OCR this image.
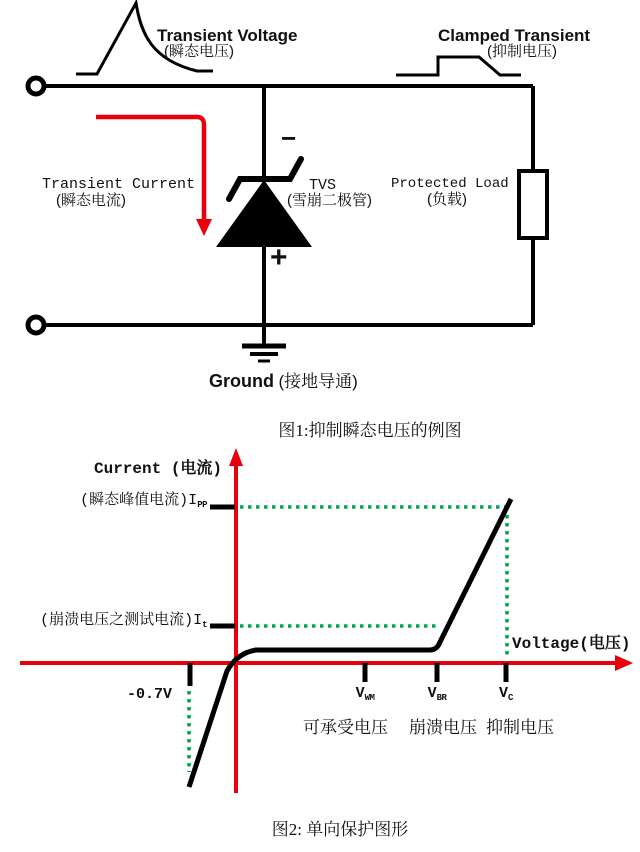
Transient Voltage
(瞬态电压)
Clamped Transient
(抑制电压)
Transient Current
(瞬态电流)
TVS
(雪崩二极管)
Protected Load
(负载)
−
+
Ground (接地导通)
图1:抑制瞬态电压的例图
Current (电流)
Voltage(电压)
(瞬态峰值电流)$I_{PP}$
(崩溃电压之测试电流)$I_t$
-0.7V	$V_{WM}$	$V_{BR}$	$V_C$
可承受电压 崩溃电压 抑制电压
图2: 单向保护图形
